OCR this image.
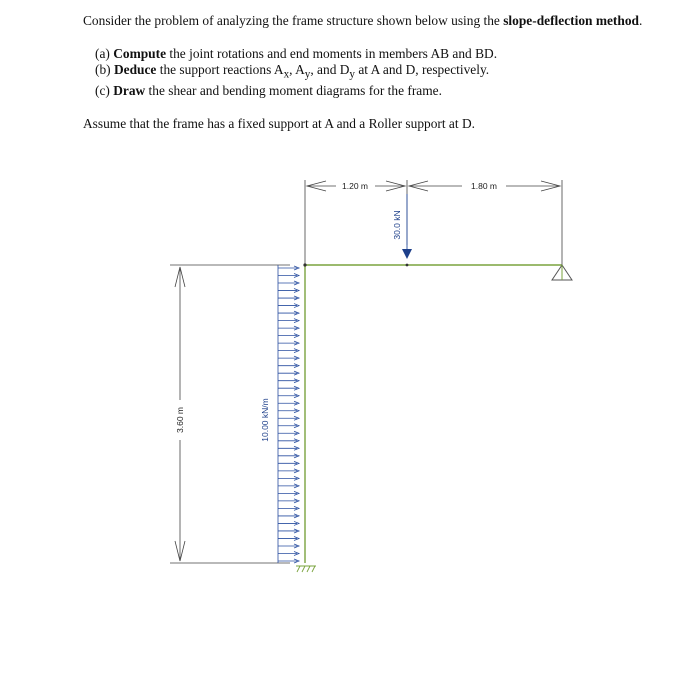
Consider the problem of analyzing the frame structure shown below using the slope-deflection method.

(a) Compute the joint rotations and end moments in members AB and BD.

(b) Deduce the support reactions $A_x$, $A_y$, and $D_y$ at A and D, respectively.

(c) Draw the shear and bending moment diagrams for the frame.

Assume that the frame has a fixed support at A and a Roller support at D.

1.20 m	1.80 m
3.60 m	10.00 kN/m
30.0 kN
